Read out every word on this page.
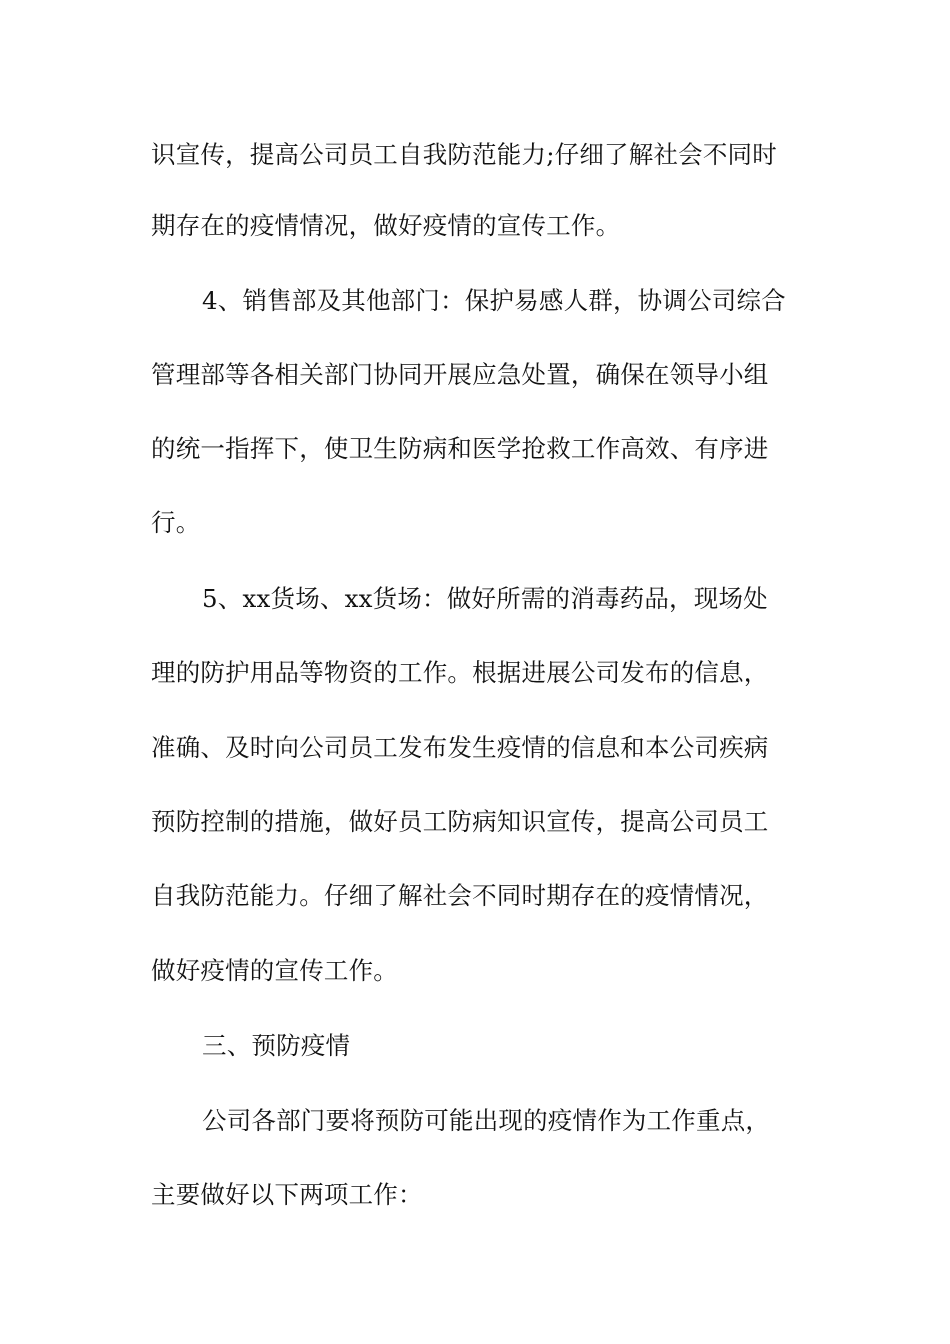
识宣传，提高公司员工自我防范能力;仔细了解社会不同时
期存在的疫情情况，做好疫情的宣传工作。
4、销售部及其他部门：保护易感人群，协调公司综合
管理部等各相关部门协同开展应急处置，确保在领导小组
的统一指挥下，使卫生防病和医学抢救工作高效、有序进
行。
5、xx货场、xx货场：做好所需的消毒药品，现场处
理的防护用品等物资的工作。根据进展公司发布的信息，
准确、及时向公司员工发布发生疫情的信息和本公司疾病
预防控制的措施，做好员工防病知识宣传，提高公司员工
自我防范能力。仔细了解社会不同时期存在的疫情情况，
做好疫情的宣传工作。
三、预防疫情
公司各部门要将预防可能出现的疫情作为工作重点，
主要做好以下两项工作：
